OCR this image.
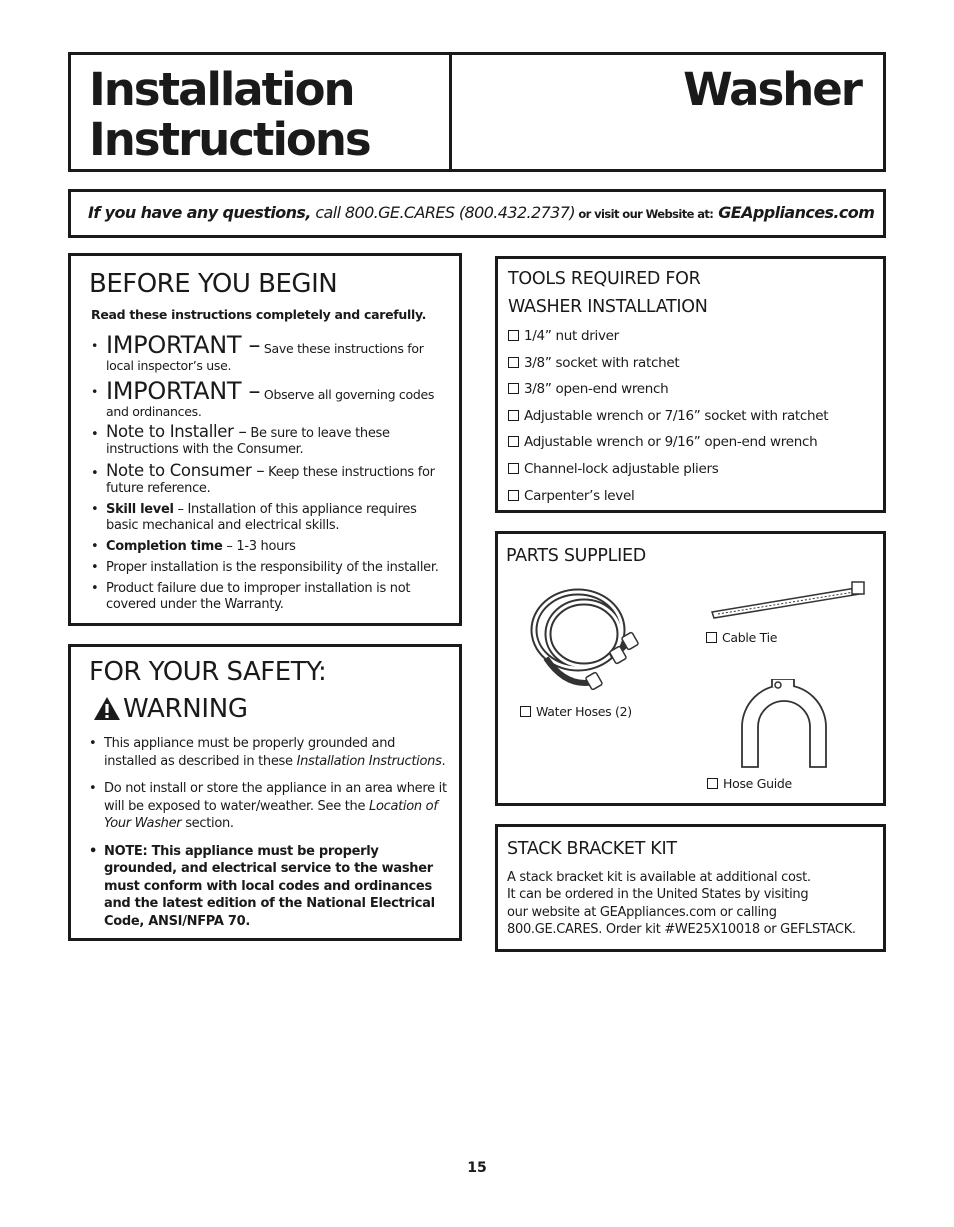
Installation
Instructions
Washer
If you have any questions, call 800.GE.CARES (800.432.2737) or visit our Website at: GEAppliances.com
BEFORE YOU BEGIN
Read these instructions completely and carefully.
• IMPORTANT – Save these instructions for local inspector’s use.
• IMPORTANT – Observe all governing codes and ordinances.
• Note to Installer – Be sure to leave these instructions with the Consumer.
• Note to Consumer – Keep these instructions for future reference.
• Skill level – Installation of this appliance requires basic mechanical and electrical skills.
• Completion time – 1-3 hours
• Proper installation is the responsibility of the installer.
• Product failure due to improper installation is not covered under the Warranty.
FOR YOUR SAFETY:
WARNING
• This appliance must be properly grounded and installed as described in these Installation Instructions.
• Do not install or store the appliance in an area where it will be exposed to water/weather. See the Location of Your Washer section.
• NOTE: This appliance must be properly grounded, and electrical service to the washer must conform with local codes and ordinances and the latest edition of the National Electrical Code, ANSI/NFPA 70.
TOOLS REQUIRED FOR
WASHER INSTALLATION
1/4” nut driver
3/8” socket with ratchet
3/8” open-end wrench
Adjustable wrench or 7/16” socket with ratchet
Adjustable wrench or 9/16” open-end wrench
Channel-lock adjustable pliers
Carpenter’s level
PARTS SUPPLIED
Water Hoses (2)
Cable Tie
Hose Guide
STACK BRACKET KIT
A stack bracket kit is available at additional cost.
It can be ordered in the United States by visiting
our website at GEAppliances.com or calling
800.GE.CARES. Order kit #WE25X10018 or GEFLSTACK.
15
